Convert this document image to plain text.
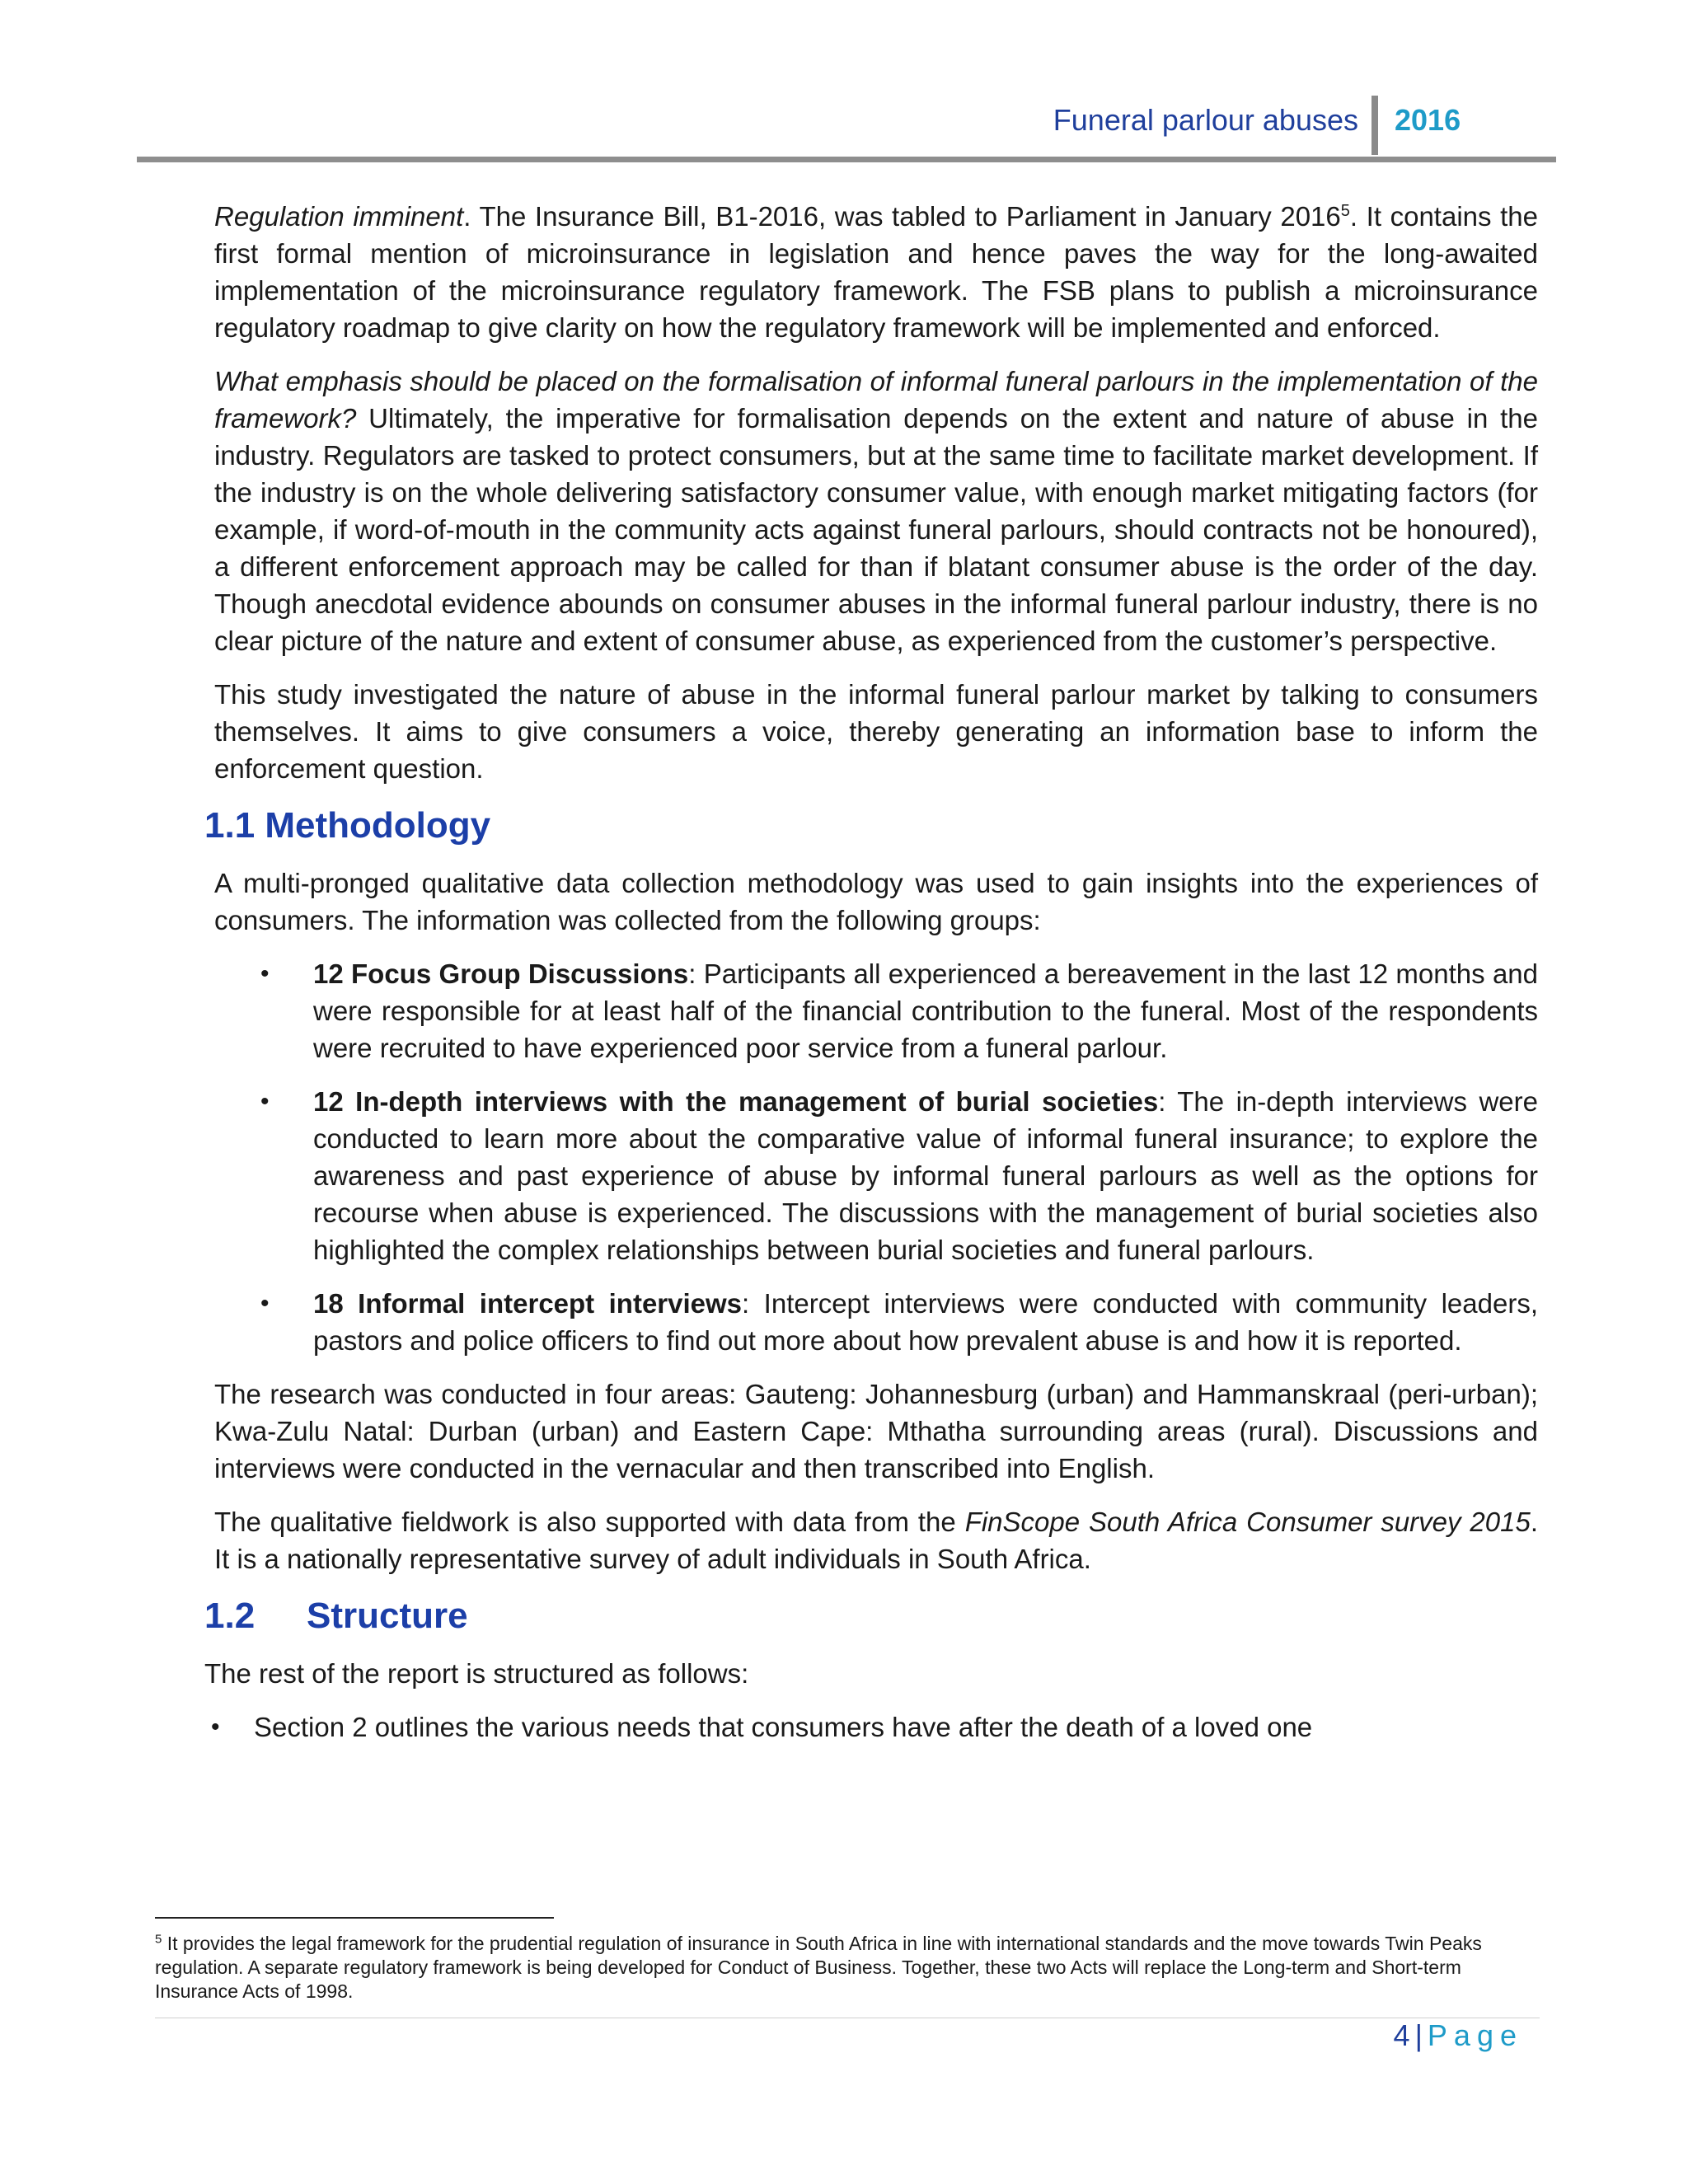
Funeral parlour abuses 2016

Regulation imminent. The Insurance Bill, B1-2016, was tabled to Parliament in January 2016$^5$. It contains the first formal mention of microinsurance in legislation and hence paves the way for the long-awaited implementation of the microinsurance regulatory framework. The FSB plans to publish a microinsurance regulatory roadmap to give clarity on how the regulatory framework will be implemented and enforced.

What emphasis should be placed on the formalisation of informal funeral parlours in the implementation of the framework? Ultimately, the imperative for formalisation depends on the extent and nature of abuse in the industry. Regulators are tasked to protect consumers, but at the same time to facilitate market development. If the industry is on the whole delivering satisfactory consumer value, with enough market mitigating factors (for example, if word-of-mouth in the community acts against funeral parlours, should contracts not be honoured), a different enforcement approach may be called for than if blatant consumer abuse is the order of the day. Though anecdotal evidence abounds on consumer abuses in the informal funeral parlour industry, there is no clear picture of the nature and extent of consumer abuse, as experienced from the customer’s perspective.

This study investigated the nature of abuse in the informal funeral parlour market by talking to consumers themselves. It aims to give consumers a voice, thereby generating an information base to inform the enforcement question.

1.1 Methodology

A multi-pronged qualitative data collection methodology was used to gain insights into the experiences of consumers. The information was collected from the following groups:

• 12 Focus Group Discussions: Participants all experienced a bereavement in the last 12 months and were responsible for at least half of the financial contribution to the funeral. Most of the respondents were recruited to have experienced poor service from a funeral parlour.
• 12 In-depth interviews with the management of burial societies: The in-depth interviews were conducted to learn more about the comparative value of informal funeral insurance; to explore the awareness and past experience of abuse by informal funeral parlours as well as the options for recourse when abuse is experienced. The discussions with the management of burial societies also highlighted the complex relationships between burial societies and funeral parlours.
• 18 Informal intercept interviews: Intercept interviews were conducted with community leaders, pastors and police officers to find out more about how prevalent abuse is and how it is reported.

The research was conducted in four areas: Gauteng: Johannesburg (urban) and Hammanskraal (peri-urban); Kwa-Zulu Natal: Durban (urban) and Eastern Cape: Mthatha surrounding areas (rural). Discussions and interviews were conducted in the vernacular and then transcribed into English.

The qualitative fieldwork is also supported with data from the FinScope South Africa Consumer survey 2015. It is a nationally representative survey of adult individuals in South Africa.

1.2 Structure

The rest of the report is structured as follows:

• Section 2 outlines the various needs that consumers have after the death of a loved one
$^5$ It provides the legal framework for the prudential regulation of insurance in South Africa in line with international standards and the move towards Twin Peaks regulation. A separate regulatory framework is being developed for Conduct of Business. Together, these two Acts will replace the Long-term and Short-term Insurance Acts of 1998.
4 | Page
